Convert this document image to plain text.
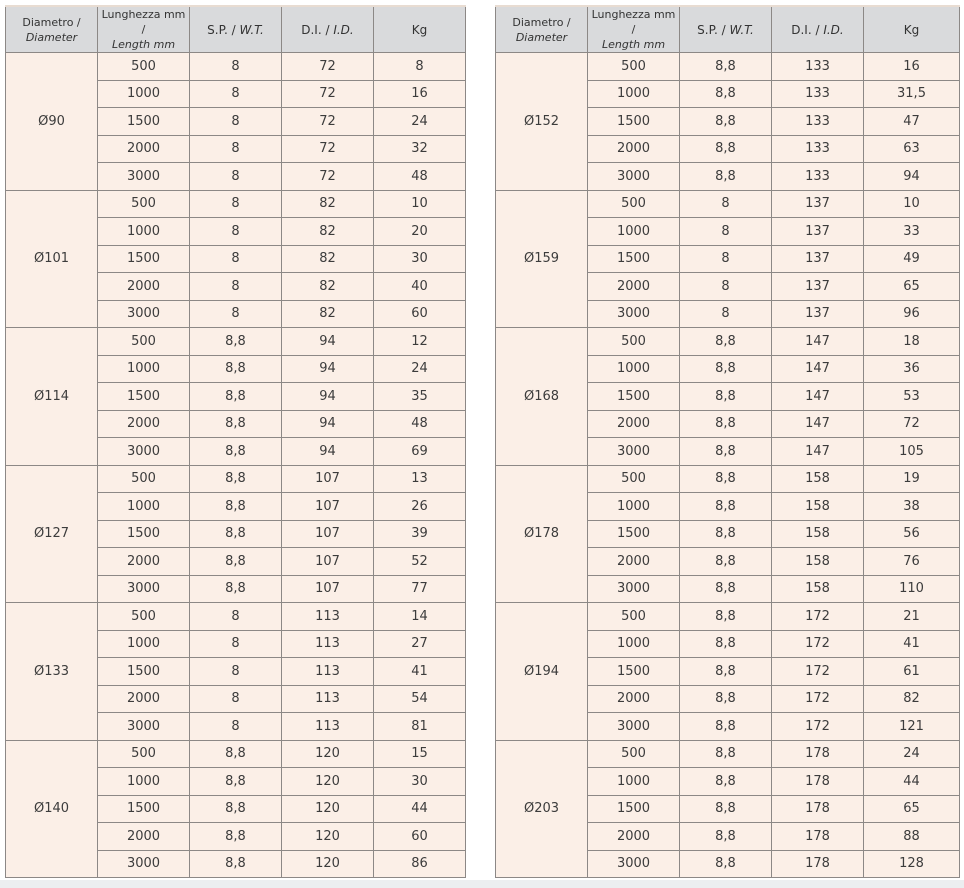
Diametro /
Diameter	Lunghezza mm /
Length mm	S.P. / W.T.	D.I. / I.D.	Kg
Ø90	500	8	72	8
	1000	8	72	16
	1500	8	72	24
	2000	8	72	32
	3000	8	72	48
Ø101	500	8	82	10
	1000	8	82	20
	1500	8	82	30
	2000	8	82	40
	3000	8	82	60
Ø114	500	8,8	94	12
	1000	8,8	94	24
	1500	8,8	94	35
	2000	8,8	94	48
	3000	8,8	94	69
Ø127	500	8,8	107	13
	1000	8,8	107	26
	1500	8,8	107	39
	2000	8,8	107	52
	3000	8,8	107	77
Ø133	500	8	113	14
	1000	8	113	27
	1500	8	113	41
	2000	8	113	54
	3000	8	113	81
Ø140	500	8,8	120	15
	1000	8,8	120	30
	1500	8,8	120	44
	2000	8,8	120	60
	3000	8,8	120	86
Diametro /
Diameter	Lunghezza mm /
Length mm	S.P. / W.T.	D.I. / I.D.	Kg
Ø152	500	8,8	133	16
	1000	8,8	133	31,5
	1500	8,8	133	47
	2000	8,8	133	63
	3000	8,8	133	94
Ø159	500	8	137	10
	1000	8	137	33
	1500	8	137	49
	2000	8	137	65
	3000	8	137	96
Ø168	500	8,8	147	18
	1000	8,8	147	36
	1500	8,8	147	53
	2000	8,8	147	72
	3000	8,8	147	105
Ø178	500	8,8	158	19
	1000	8,8	158	38
	1500	8,8	158	56
	2000	8,8	158	76
	3000	8,8	158	110
Ø194	500	8,8	172	21
	1000	8,8	172	41
	1500	8,8	172	61
	2000	8,8	172	82
	3000	8,8	172	121
Ø203	500	8,8	178	24
	1000	8,8	178	44
	1500	8,8	178	65
	2000	8,8	178	88
	3000	8,8	178	128
